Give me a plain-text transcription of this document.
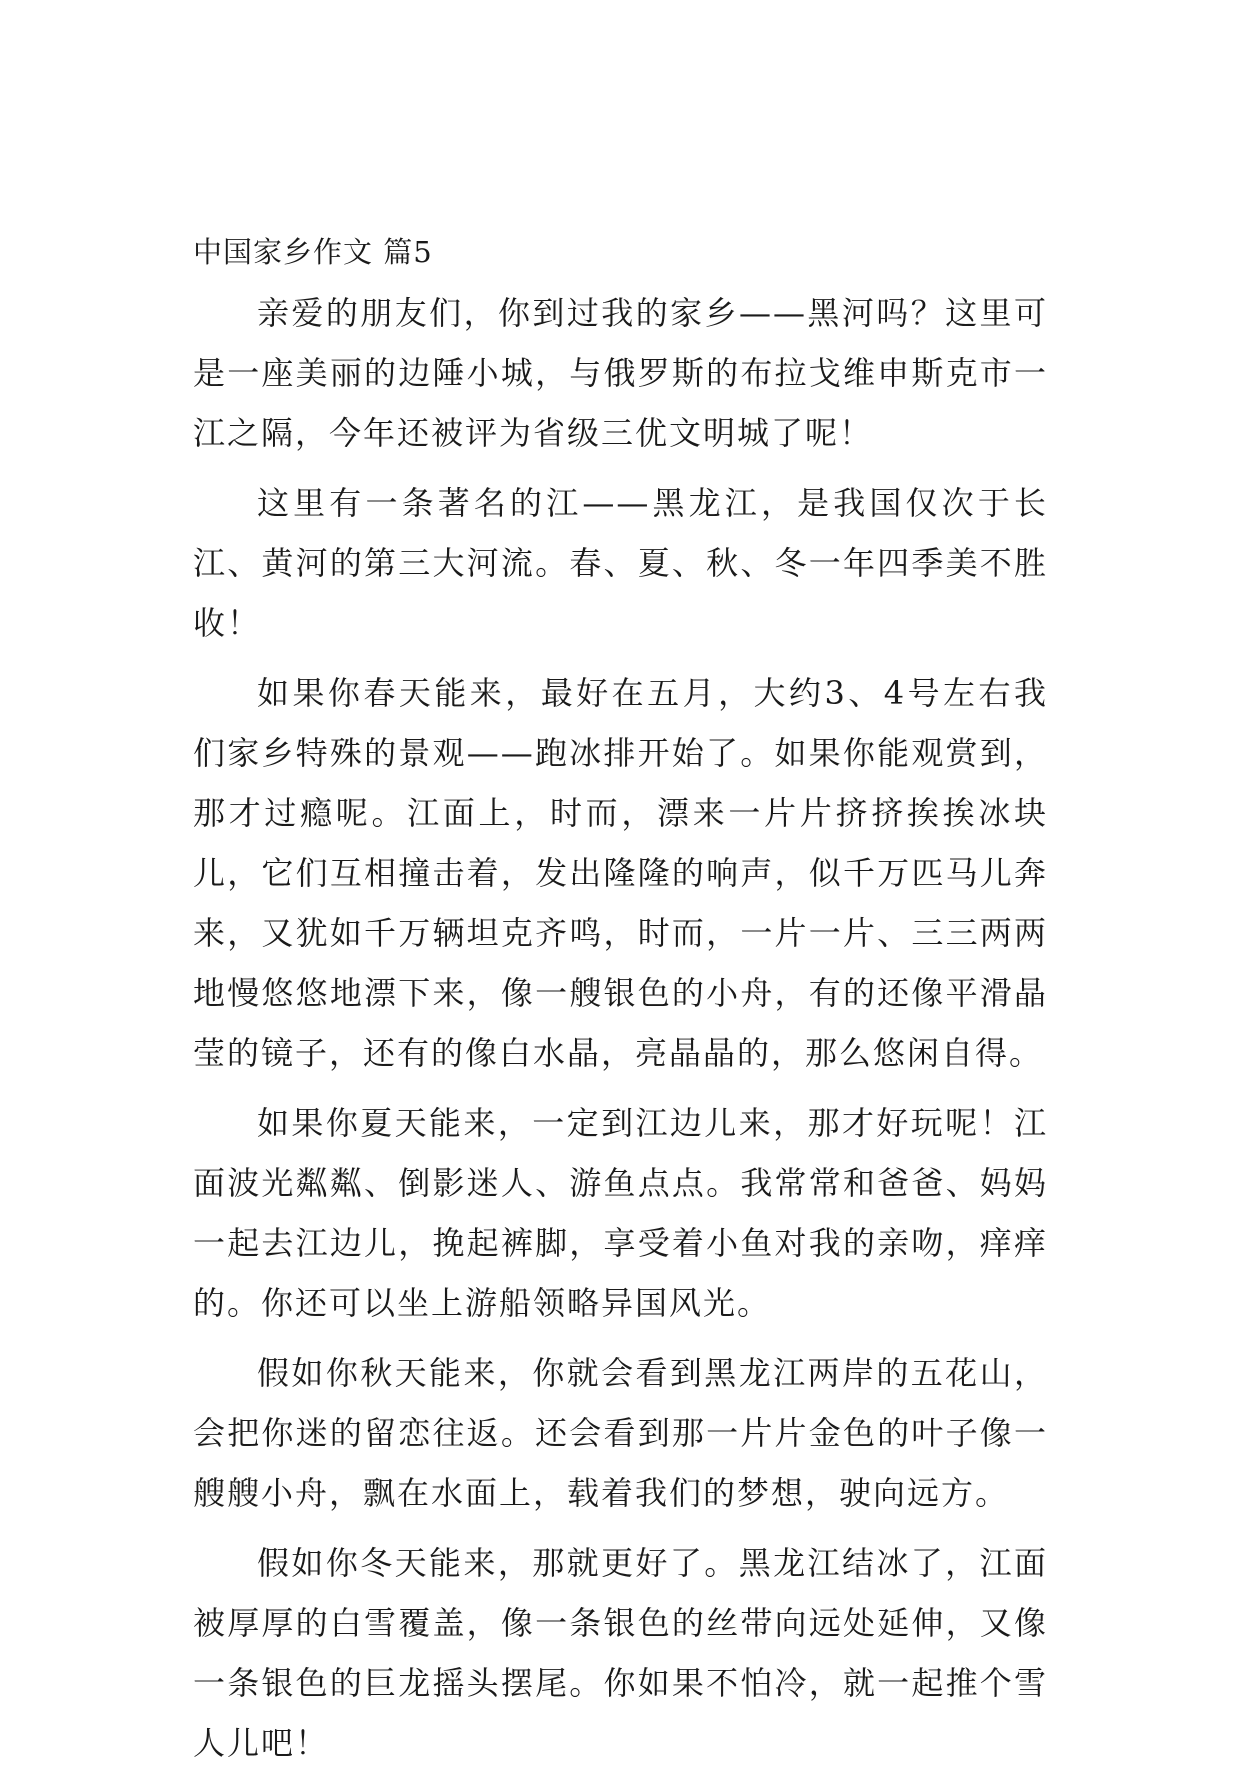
中国家乡作文 篇5

亲爱的朋友们，你到过我的家乡——黑河吗？这里可是一座美丽的边陲小城，与俄罗斯的布拉戈维申斯克市一江之隔，今年还被评为省级三优文明城了呢！

这里有一条著名的江——黑龙江，是我国仅次于长江、黄河的第三大河流。春、夏、秋、冬一年四季美不胜收！

如果你春天能来，最好在五月，大约3、4号左右我们家乡特殊的景观——跑冰排开始了。如果你能观赏到，那才过瘾呢。江面上，时而，漂来一片片挤挤挨挨冰块儿，它们互相撞击着，发出隆隆的响声，似千万匹马儿奔来，又犹如千万辆坦克齐鸣，时而，一片一片、三三两两地慢悠悠地漂下来，像一艘银色的小舟，有的还像平滑晶莹的镜子，还有的像白水晶，亮晶晶的，那么悠闲自得。

如果你夏天能来，一定到江边儿来，那才好玩呢！江面波光粼粼、倒影迷人、游鱼点点。我常常和爸爸、妈妈一起去江边儿，挽起裤脚，享受着小鱼对我的亲吻，痒痒的。你还可以坐上游船领略异国风光。

假如你秋天能来，你就会看到黑龙江两岸的五花山，会把你迷的留恋往返。还会看到那一片片金色的叶子像一艘艘小舟，飘在水面上，载着我们的梦想，驶向远方。

假如你冬天能来，那就更好了。黑龙江结冰了，江面被厚厚的白雪覆盖，像一条银色的丝带向远处延伸，又像一条银色的巨龙摇头摆尾。你如果不怕冷，就一起推个雪人儿吧！
